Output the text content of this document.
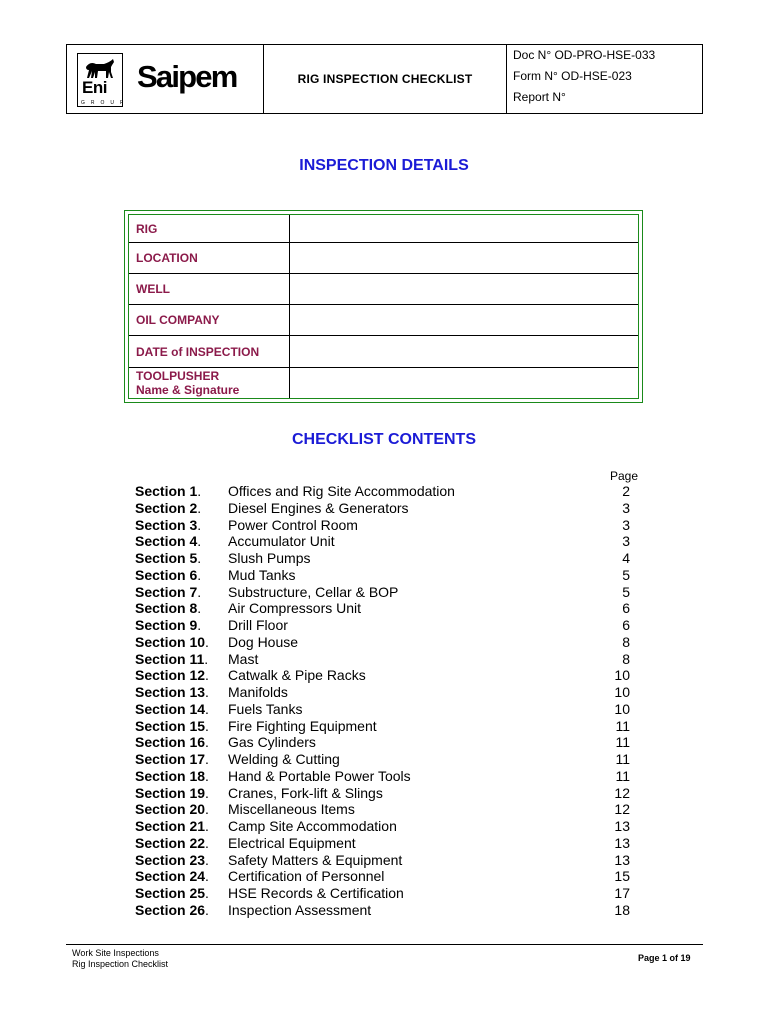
Eni
GROUP
Saipem	RIG INSPECTION CHECKLIST
Doc N° OD-PRO-HSE-033
Form N° OD-HSE-023
Report N°
INSPECTION DETAILS
RIG
LOCATION
WELL
OIL COMPANY
DATE of INSPECTION
TOOLPUSHER
Name & Signature
CHECKLIST CONTENTS
Page
Section 1. Offices and Rig Site Accommodation	2
Section 2. Diesel Engines & Generators	3
Section 3. Power Control Room	3
Section 4. Accumulator Unit	3
Section 5. Slush Pumps	4
Section 6. Mud Tanks	5
Section 7. Substructure, Cellar & BOP	5
Section 8. Air Compressors Unit	6
Section 9. Drill Floor	6
Section 10. Dog House	8
Section 11. Mast	8
Section 12. Catwalk & Pipe Racks	10
Section 13. Manifolds	10
Section 14. Fuels Tanks	10
Section 15. Fire Fighting Equipment	11
Section 16. Gas Cylinders	11
Section 17. Welding & Cutting	11
Section 18. Hand & Portable Power Tools	11
Section 19. Cranes, Fork-lift & Slings	12
Section 20. Miscellaneous Items	12
Section 21. Camp Site Accommodation	13
Section 22. Electrical Equipment	13
Section 23. Safety Matters & Equipment	13
Section 24. Certification of Personnel	15
Section 25. HSE Records & Certification	17
Section 26. Inspection Assessment	18
Work Site Inspections
Rig Inspection Checklist
Page 1 of 19
